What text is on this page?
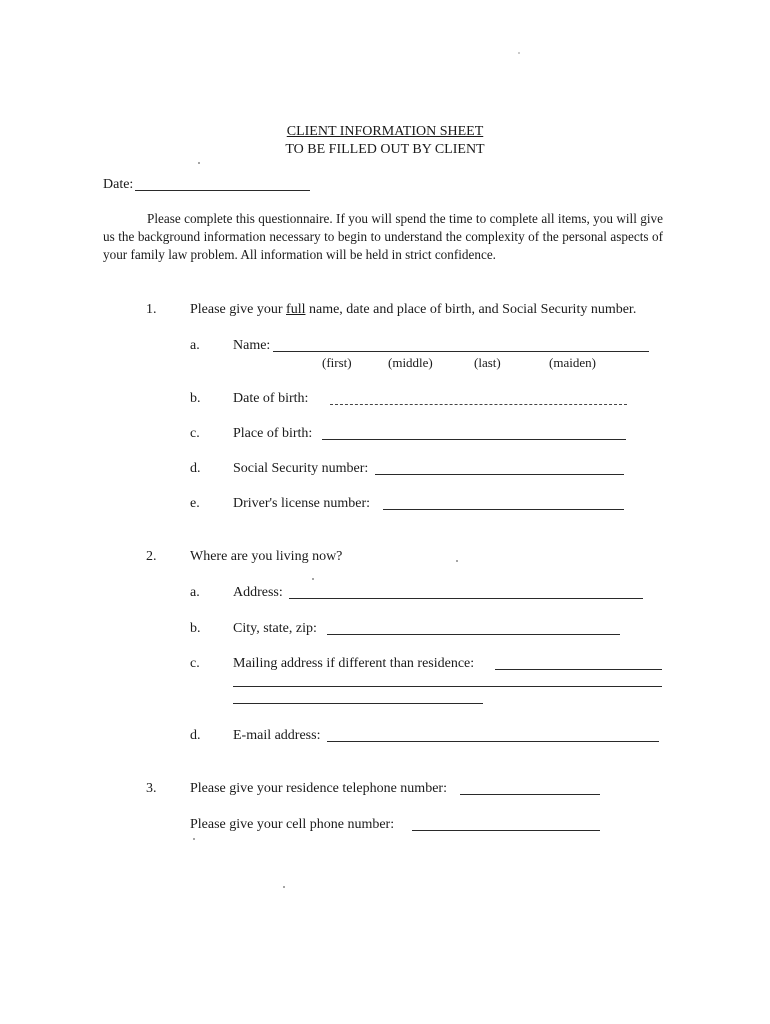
CLIENT INFORMATION SHEET
TO BE FILLED OUT BY CLIENT
Date:
Please complete this questionnaire. If you will spend the time to complete all items, you will give us the background information necessary to begin to understand the complexity of the personal aspects of your family law problem. All information will be held in strict confidence.
1. Please give your full name, date and place of birth, and Social Security number.
a. Name:
(first)	(middle)	(last)	(maiden)
b. Date of birth:
c. Place of birth:
d. Social Security number:
e. Driver's license number:
2. Where are you living now?
a. Address:
b. City, state, zip:
c. Mailing address if different than residence:
d. E-mail address:
3. Please give your residence telephone number:
Please give your cell phone number:
